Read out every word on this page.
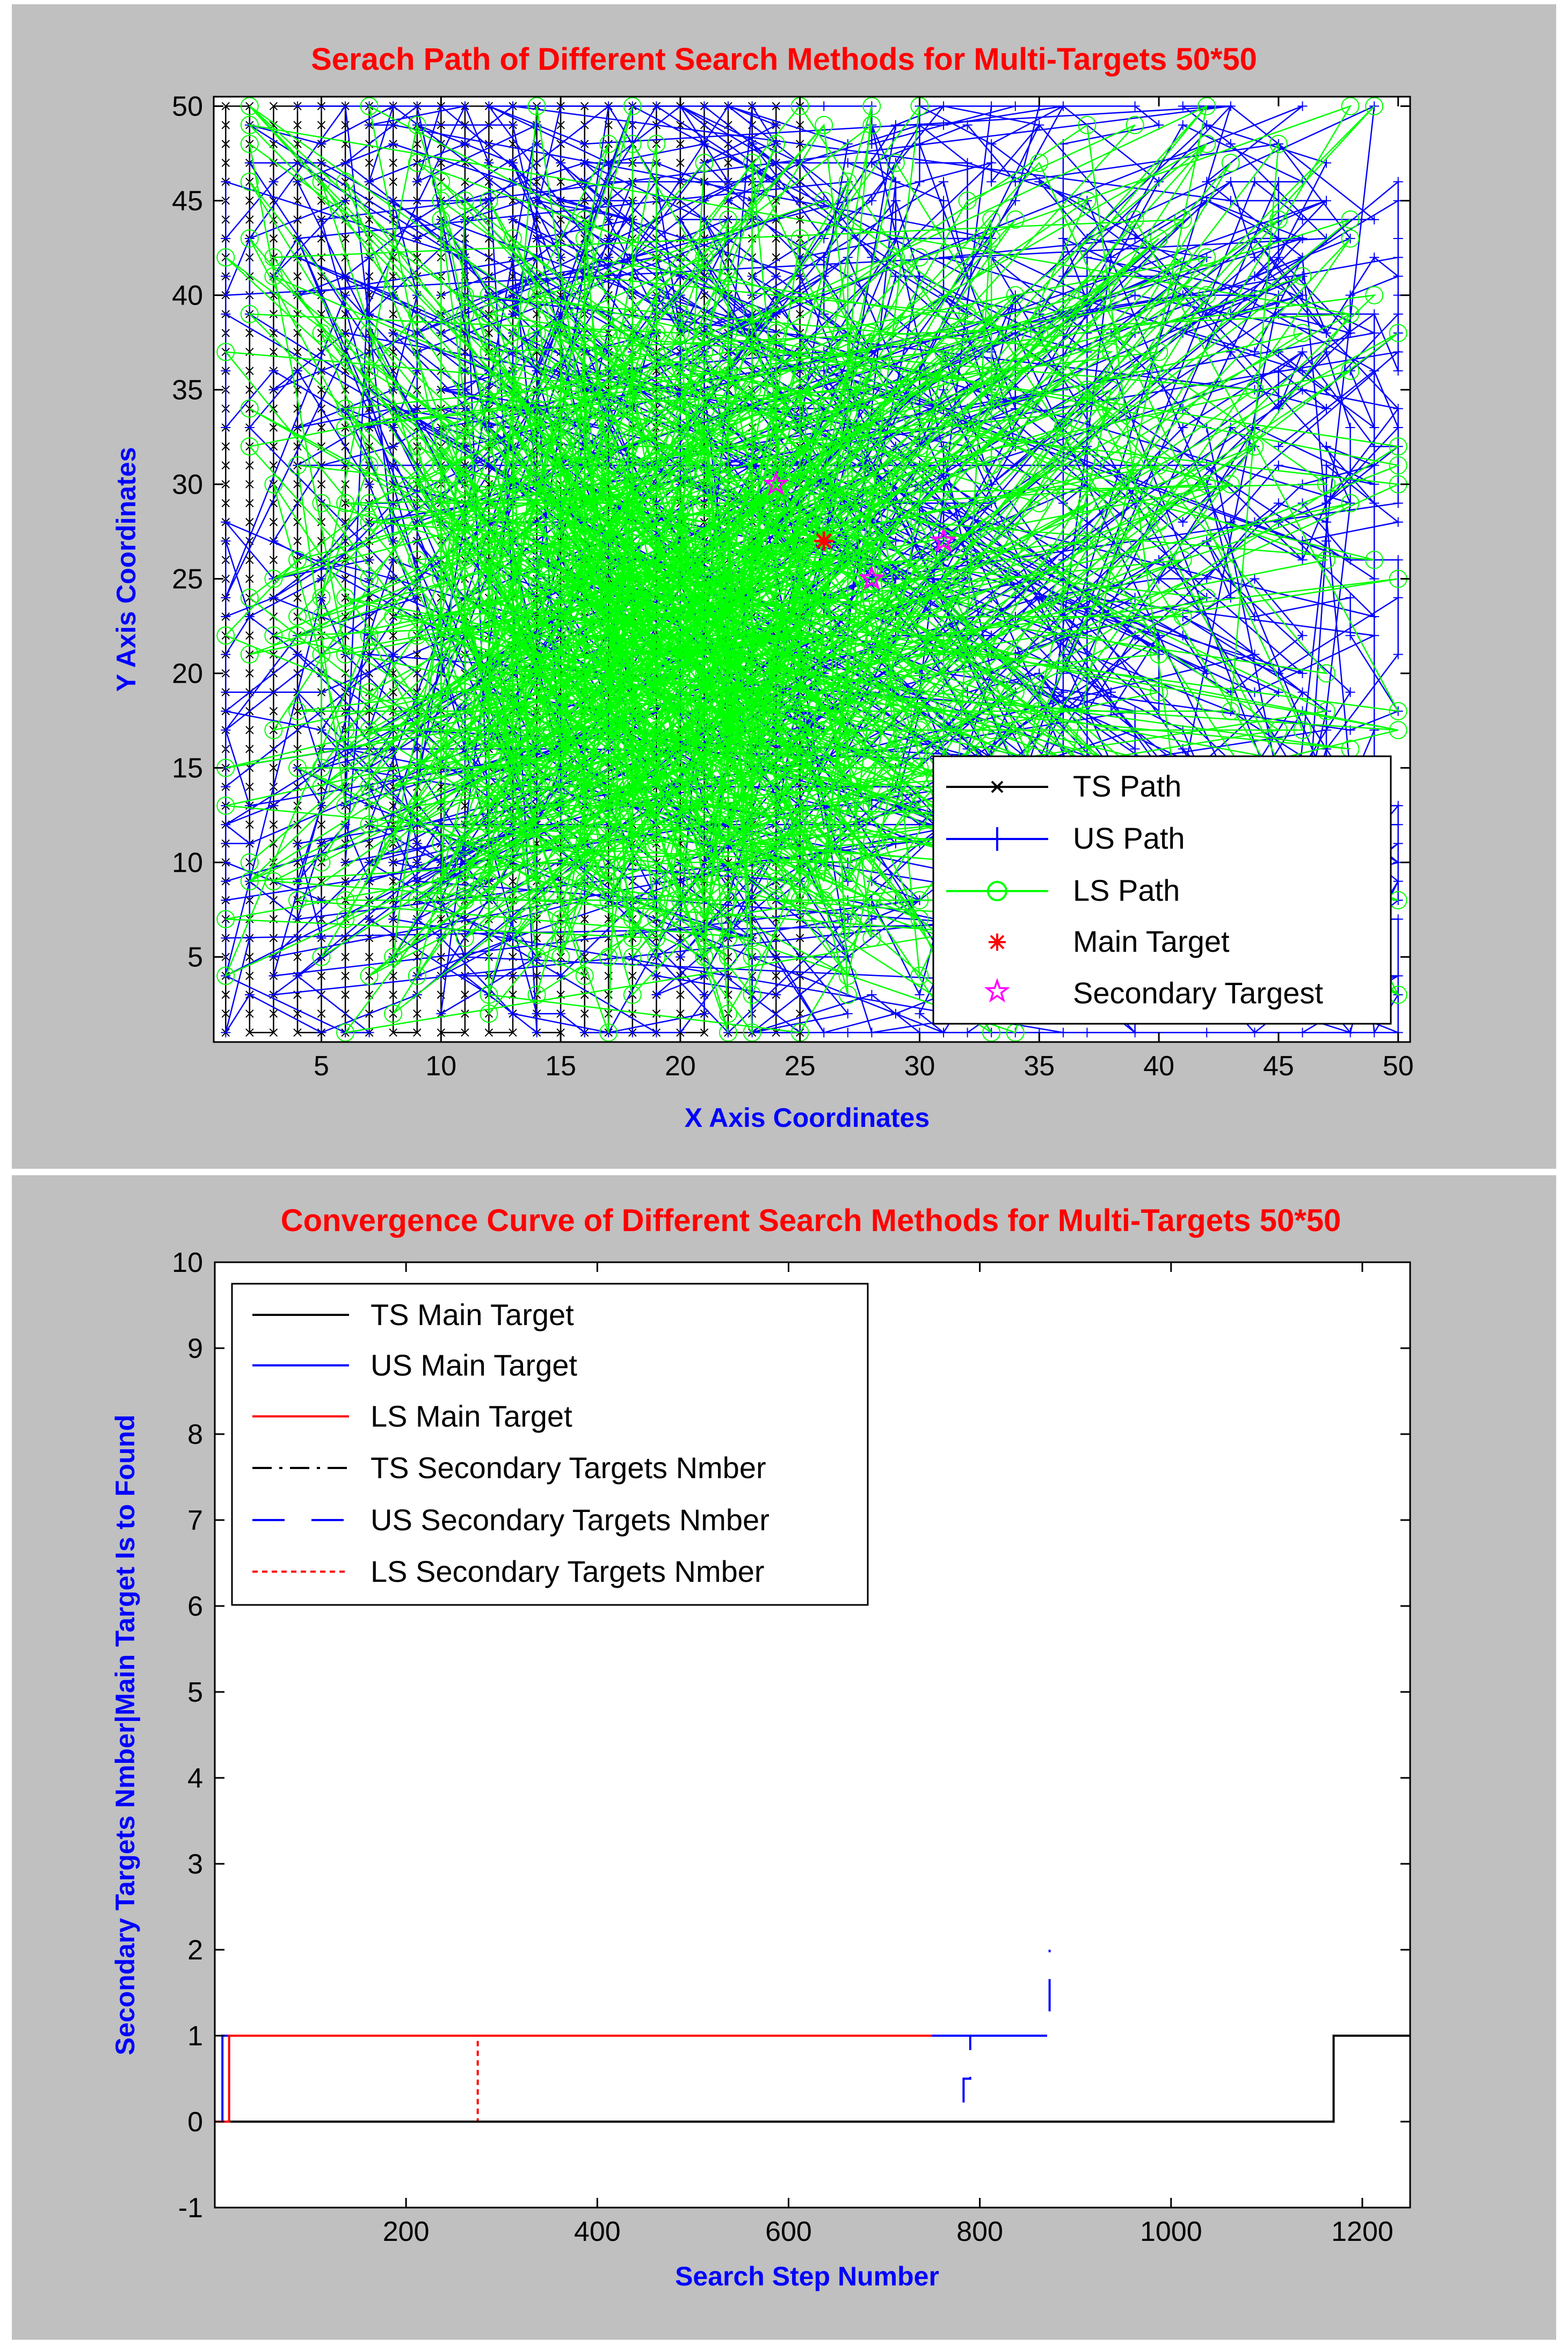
Serach Path of Different Search Methods for Multi-Targets 50*50
5	10	15	20	25	30	35	40	45	50
5
10
15
20
25
30
35
40
45
50
X Axis Coordinates
Y Axis Coordinates
TS Path
US Path
LS Path
Main Target
Secondary Targest
Convergence Curve of Different Search Methods for Multi-Targets 50*50
200	400	600	800	1000	1200
-1
0
1
2
3
4
5
6
7
8
9
10
Search Step Number
Secondary Targets Nmber|Main Target Is to Found
TS Main Target
US Main Target
LS Main Target
TS Secondary Targets Nmber
US Secondary Targets Nmber
LS Secondary Targets Nmber
